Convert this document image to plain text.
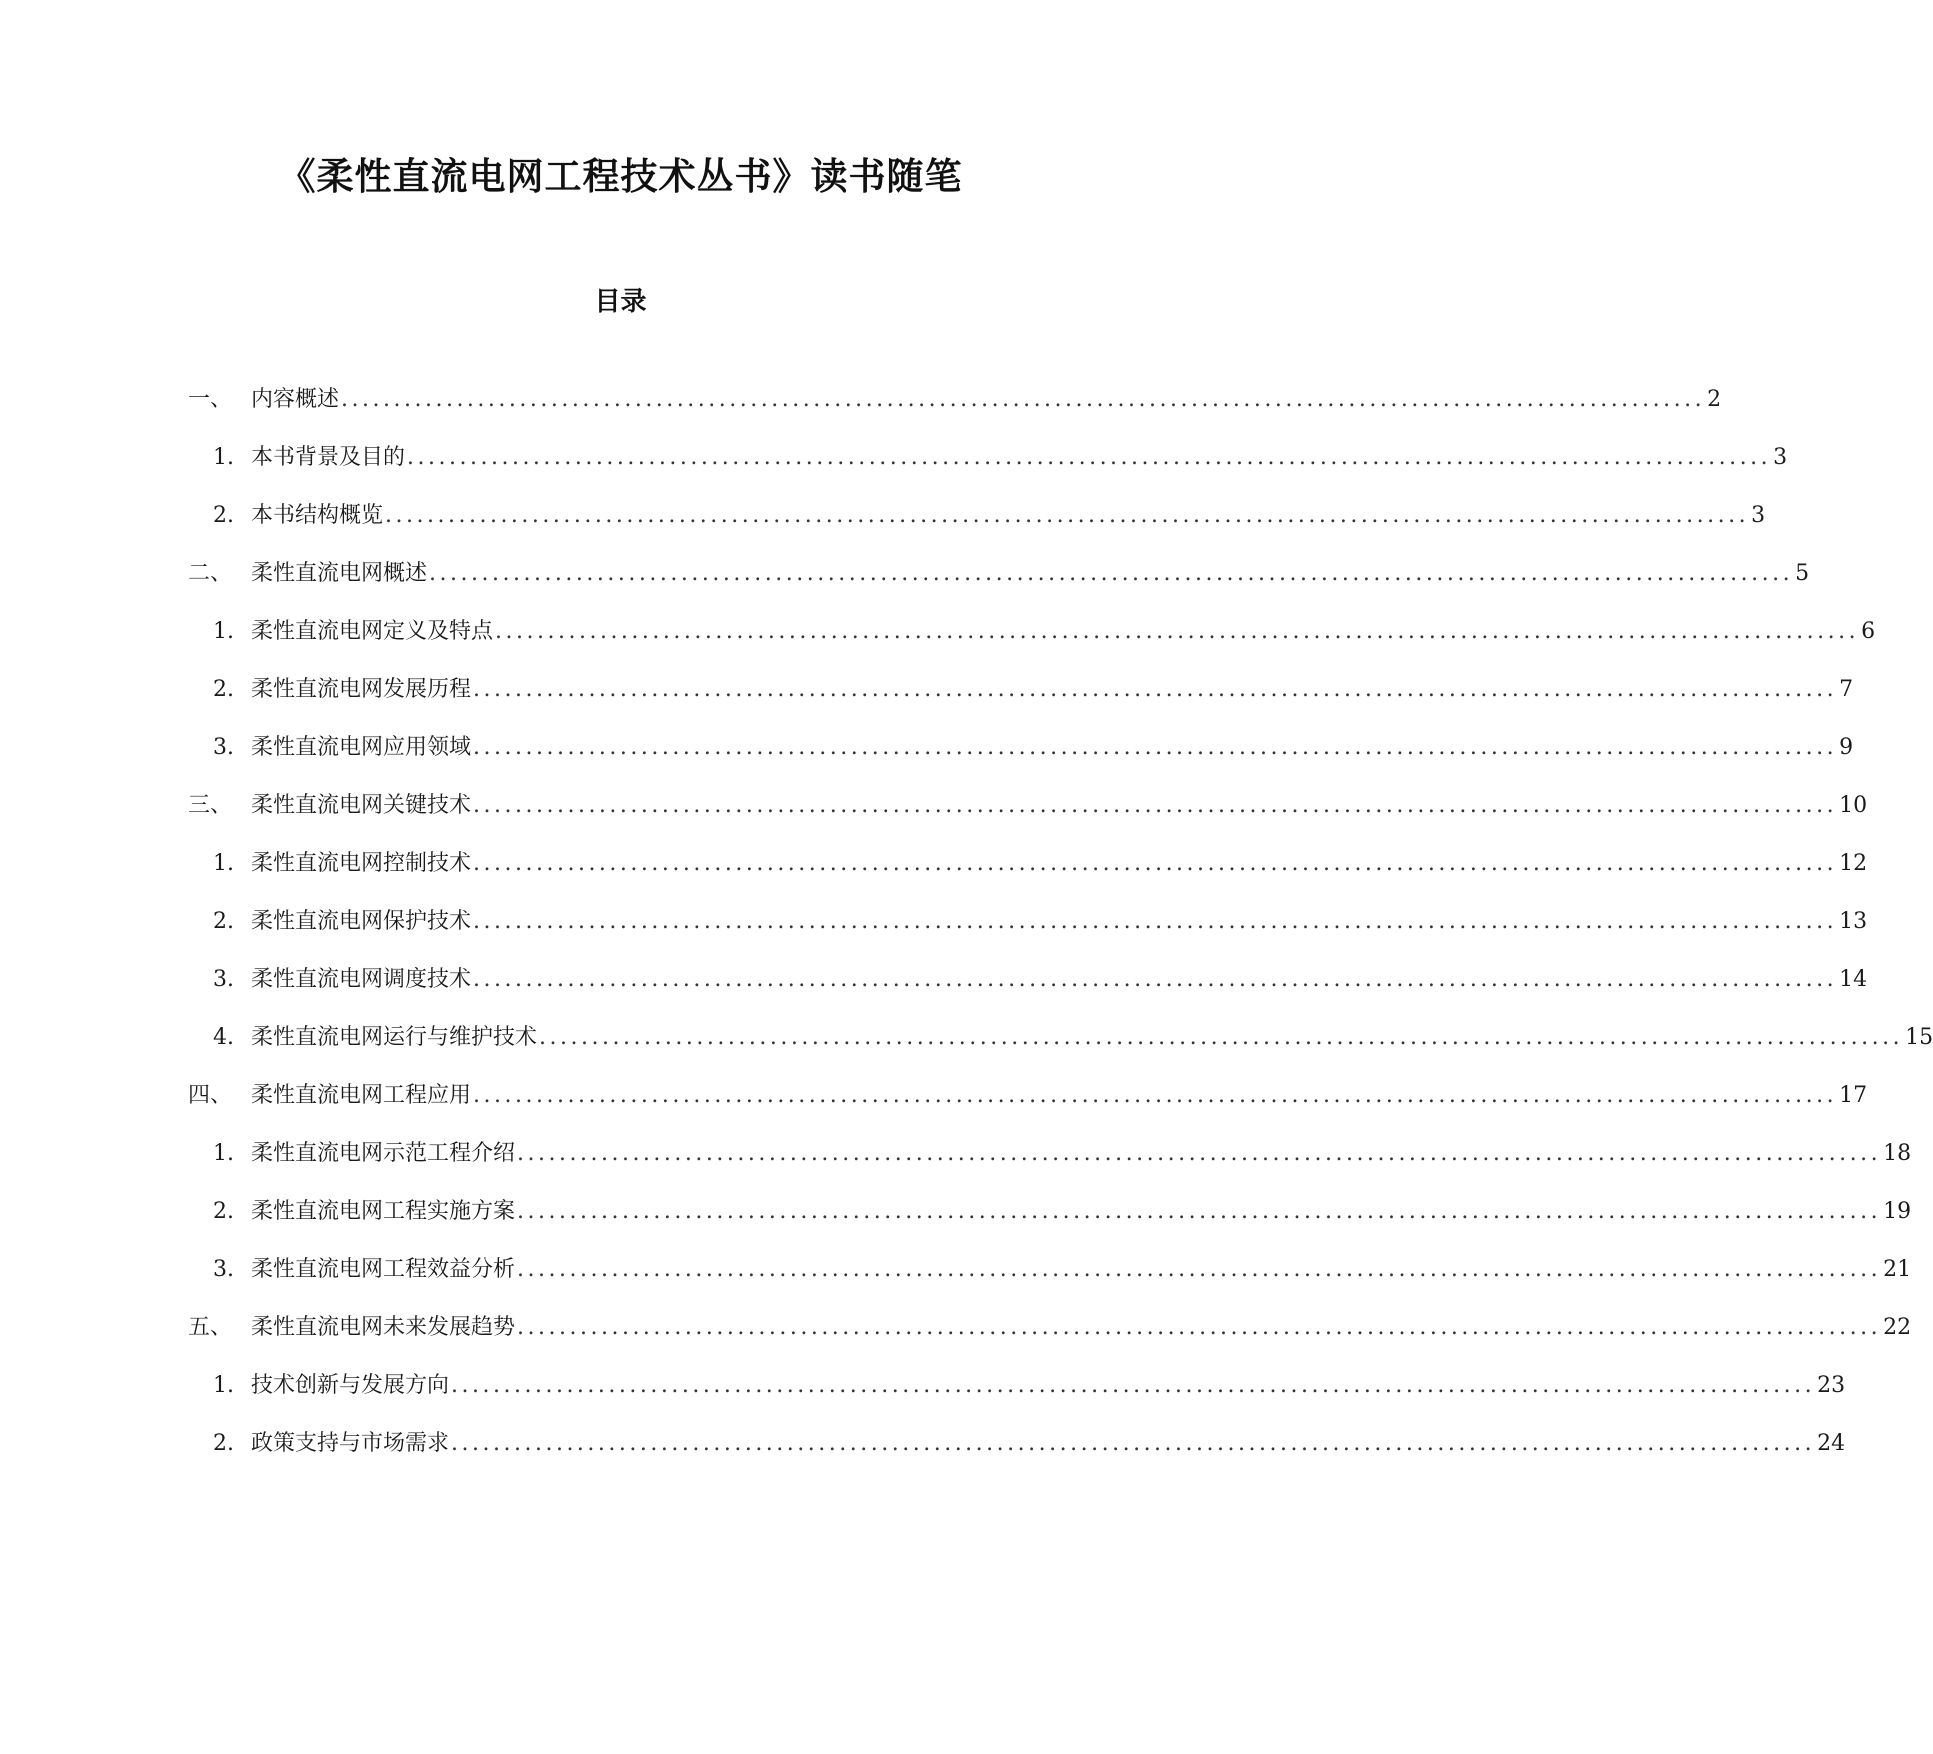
《柔性直流电网工程技术丛书》读书随笔
目录
一、 内容概述 .................................................................................................................................. 2
1. 本书背景及目的 .................................................................................................................................. 3
2. 本书结构概览 .................................................................................................................................. 3
二、 柔性直流电网概述 .................................................................................................................................. 5
1. 柔性直流电网定义及特点 .................................................................................................................................. 6
2. 柔性直流电网发展历程 .................................................................................................................................. 7
3. 柔性直流电网应用领域 .................................................................................................................................. 9
三、 柔性直流电网关键技术 .................................................................................................................................. 10
1. 柔性直流电网控制技术 .................................................................................................................................. 12
2. 柔性直流电网保护技术 .................................................................................................................................. 13
3. 柔性直流电网调度技术 .................................................................................................................................. 14
4. 柔性直流电网运行与维护技术 .................................................................................................................................. 15
四、 柔性直流电网工程应用 .................................................................................................................................. 17
1. 柔性直流电网示范工程介绍 .................................................................................................................................. 18
2. 柔性直流电网工程实施方案 .................................................................................................................................. 19
3. 柔性直流电网工程效益分析 .................................................................................................................................. 21
五、 柔性直流电网未来发展趋势 .................................................................................................................................. 22
1. 技术创新与发展方向 .................................................................................................................................. 23
2. 政策支持与市场需求 .................................................................................................................................. 24
